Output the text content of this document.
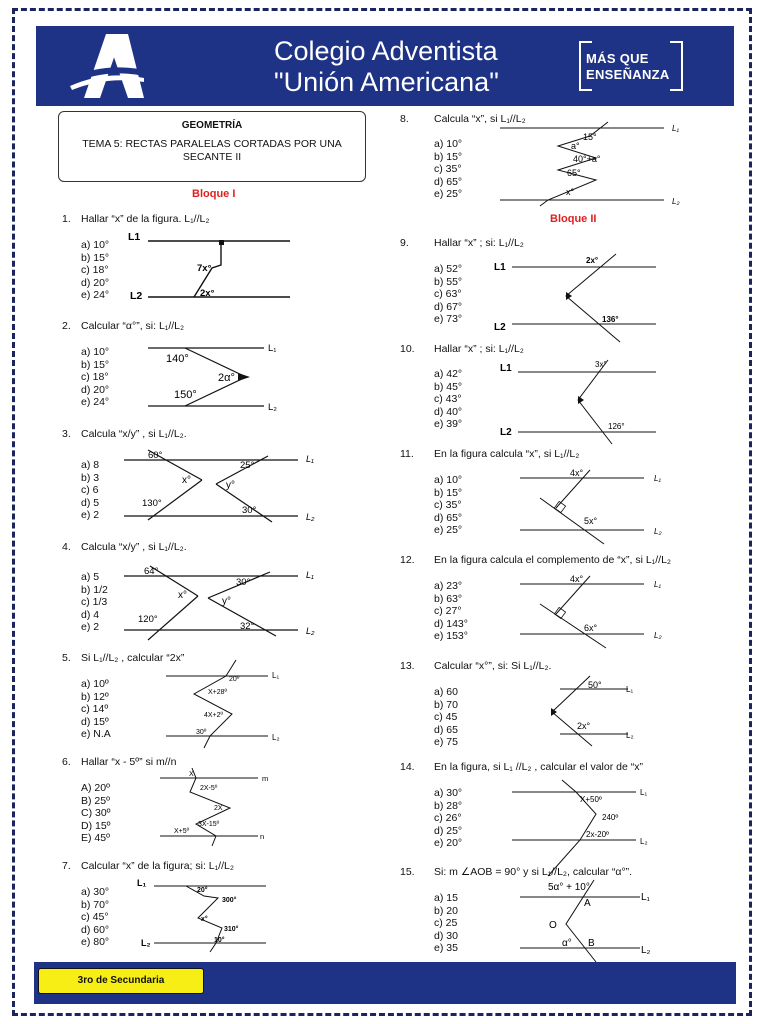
Colegio Adventista
"Unión Americana"
MÁS QUE
ENSEÑANZA
GEOMETRÍA
TEMA 5: RECTAS PARALELAS CORTADAS POR UNA SECANTE II
Bloque I
Bloque II
1. Hallar “x” de la figura. L₁//L₂
a) 10°
b) 15°
c) 18°
d) 20°
e) 24°
L1
L2
7x°
2x°
2. Calcular “α°”, si: L₁//L₂
a) 10°
b) 15°
c) 18°
d) 20°
e) 24°
L₁
L₂
140°
2α°
150°
3. Calcula “x/y” , si L₁//L₂.
a) 8
b) 3
c) 6
d) 5
e) 2
L₁
L₂
60°
25°
x°	y°
130°
30°
4. Calcula “x/y” , si L₁//L₂.
a) 5
b) 1/2
c) 1/3
d) 4
e) 2
L₁
L₂
64°
30°
x°
y°
120°
32°
5. Si L₁//L₂ , calcular “2x”
a) 10º
b) 12º
c) 14º
d) 15º
e) N.A
L₁
L₂
20º
X+28º
4X+2º
30º
6. Hallar “x - 5º” si m//n
A) 20º
B) 25º
C) 30º
D) 15º
E) 45º
m
n
X
2X-5º
2X
3X-15º
X+5º
7. Calcular “x” de la figura; si: L₁//L₂
a) 30°
b) 70°
c) 45°
d) 60°
e) 80°
L₁
L₂
20°
300°
x°
310°
10°
8. Calcula “x”, si L₁//L₂
a) 10°
b) 15°
c) 35°
d) 65°
e) 25°
L₁
L₂
15°
a°
40°+a°
65°
x°
9. Hallar “x” ; si: L₁//L₂
a) 52°
b) 55°
c) 63°
d) 67°
e) 73°
L1
L2
2x°
136°
10. Hallar “x” ; si: L₁//L₂
a) 42°
b) 45°
c) 43°
d) 40°
e) 39°
L1
L2
3x°
126°
11. En la figura calcula “x”, si L₁//L₂
a) 10°
b) 15°
c) 35°
d) 65°
e) 25°
L₁
L₂
4x°
5x°
12. En la figura calcula el complemento de “x”, si L₁//L₂
a) 23°
b) 63°
c) 27°
d) 143°
e) 153°
L₁
L₂
4x°
6x°
13. Calcular “x°”, si: Si L₁//L₂.
a) 60
b) 70
c) 45
d) 65
e) 75
L₁
L₂
50°
2x°
14. En la figura, si L₁ //L₂ , calcular el valor de “x”
a) 30°
b) 28°
c) 26°
d) 25°
e) 20°
L₁
L₂
X+50º
240º
2x-20º
15. Si: m ∠AOB = 90° y si L₁//L₂, calcular “α°”.
a) 15
b) 20
c) 25
d) 30
e) 35
L₁
L₂
5α° + 10°
A
O
α° B
3ro de Secundaria
